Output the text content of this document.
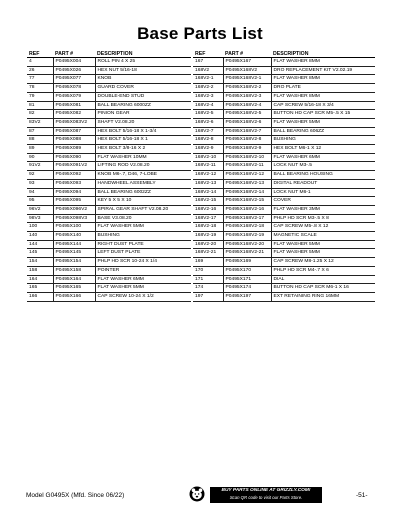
Base Parts List
REF	PART #	DESCRIPTION
4	P0495X004	ROLL PIN 4 X 25
26	P0495X026	HEX NUT 5/16-18
77	P0495X077	KNOB
78	P0495X078	GUARD COVER
79	P0495X079	DOUBLE-END STUD
81	P0495X081	BALL BEARING 6000ZZ
82	P0495X082	PINION GEAR
83V2	P0495X083V2	SHAFT V2.08.20
87	P0495X087	HEX BOLT 5/16-18 X 1-3/4
88	P0495X088	HEX BOLT 5/16-18 X 1
89	P0495X089	HEX BOLT 3/8-16 X 2
90	P0495X090	FLAT WASHER 10MM
91V2	P0495X091V2	LIFTING ROD V2.08.20
92	P0495X092	KNOB M6-.7, D46, 7-LOBE
93	P0495X093	HANDWHEEL ASSEMBLY
94	P0495X094	BALL BEARING 6002ZZ
95	P0495X095	KEY 5 X 5 X 10
96V2	P0495X096V2	SPIRAL GEAR SHAFT V2.08.20
98V3	P0495X098V3	BASE V3.08.20
100	P0495X100	FLAT WASHER 5MM
140	P0495X140	BUSHING
144	P0495X144	RIGHT DUST PLATE
145	P0495X145	LEFT DUST PLATE
154	P0495X154	PHLP HD SCR 10-24 X 1/4
158	P0495X158	POINTER
164	P0495X164	FLAT WASHER 6MM
165	P0495X165	FLAT WASHER 5MM
166	P0495X166	CAP SCREW 10-24 X 1/2
REF	PART #	DESCRIPTION
167	P0495X167	FLAT WASHER 8MM
168V2	P0495X168V2	DRO REPLACEMENT KIT V2.02.19
168V2-1	P0495X168V2-1	FLAT WASHER 8MM
168V2-2	P0495X168V2-2	DRO PLATE
168V2-3	P0495X168V2-3	FLAT WASHER 8MM
168V2-4	P0495X168V2-4	CAP SCREW 5/16-18 X 3/4
168V2-5	P0495X168V2-5	BUTTON HD CAP SCR M5-.5 X 15
168V2-6	P0495X168V2-6	FLAT WASHER 5MM
168V2-7	P0495X168V2-7	BALL BEARING 606ZZ
168V2-8	P0495X168V2-8	BUSHING
168V2-9	P0495X168V2-9	HEX BOLT M6-1 X 12
168V2-10	P0495X168V2-10	FLAT WASHER 6MM
168V2-11	P0495X168V2-11	LOCK NUT M3-.5
168V2-12	P0495X168V2-12	BALL BEARING HOUSING
168V2-13	P0495X168V2-13	DIGITAL READOUT
168V2-14	P0495X168V2-14	LOCK NUT M6-1
168V2-15	P0495X168V2-15	COVER
168V2-16	P0495X168V2-16	FLAT WASHER 3MM
168V2-17	P0495X168V2-17	PHLP HD SCR M3-.5 X 8
168V2-18	P0495X168V2-18	CAP SCREW M5-.8 X 12
168V2-19	P0495X168V2-19	MAGNETIC SCALE
168V2-20	P0495X168V2-20	FLAT WASHER 5MM
168V2-21	P0495X168V2-21	FLAT WASHER 5MM
169	P0495X169	CAP SCREW M8-1.25 X 12
170	P0495X170	PHLP HD SCR M4-.7 X 6
171	P0495X171	DIAL
174	P0495X174	BUTTON HD CAP SCR M6-1 X 16
197	P0495X197	EXT RETAINING RING 16MM
Model G0495X (Mfd. Since 06/22)
BUY PARTS ONLINE AT GRIZZLY.COM!
Scan QR code to visit our Parts Store.	-51-
